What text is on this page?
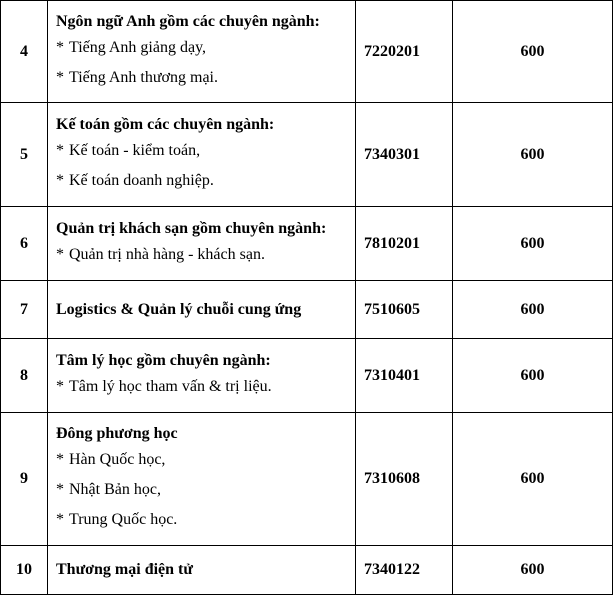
4	Ngôn ngữ Anh gồm các chuyên ngành:
* Tiếng Anh giảng dạy,
* Tiếng Anh thương mại.	7220201	600
5	Kế toán gồm các chuyên ngành:
* Kế toán - kiểm toán,
* Kế toán doanh nghiệp.	7340301	600
6	Quản trị khách sạn gồm chuyên ngành:
* Quản trị nhà hàng - khách sạn.	7810201	600
7	Logistics & Quản lý chuỗi cung ứng	7510605	600
8	Tâm lý học gồm chuyên ngành:
* Tâm lý học tham vấn & trị liệu.	7310401	600
9	Đông phương học
* Hàn Quốc học,
* Nhật Bản học,
* Trung Quốc học.	7310608	600
10	Thương mại điện tử	7340122	600
